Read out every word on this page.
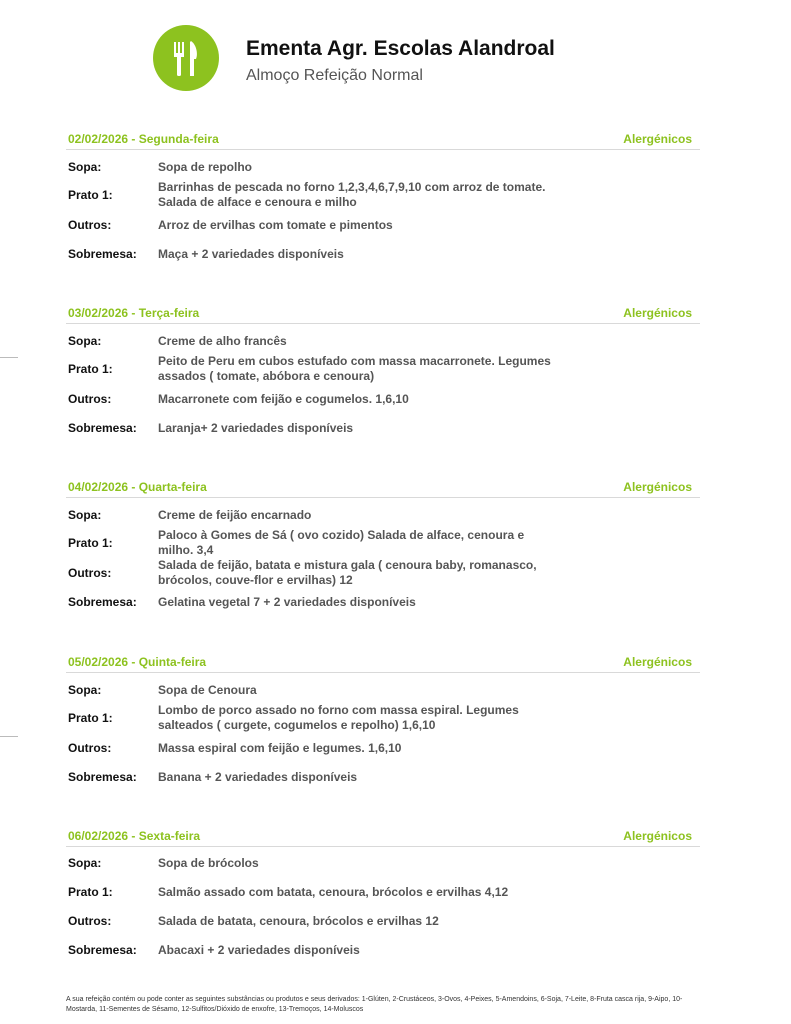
Ementa Agr. Escolas Alandroal
Almoço Refeição Normal
02/02/2026 - Segunda-feira	Alergénicos
Sopa:	Sopa de repolho
Prato 1:
Barrinhas de pescada no forno 1,2,3,4,6,7,9,10 com arroz de tomate. Salada de alface e cenoura e milho
Outros:	Arroz de ervilhas com tomate e pimentos
Sobremesa: Maça + 2 variedades disponíveis
03/02/2026 - Terça-feira	Alergénicos
Sopa:	Creme de alho francês
Prato 1:
Peito de Peru em cubos estufado com massa macarronete. Legumes assados ( tomate, abóbora e cenoura)
Outros:	Macarronete com feijão e cogumelos. 1,6,10
Sobremesa: Laranja+ 2 variedades disponíveis
04/02/2026 - Quarta-feira	Alergénicos
Sopa:	Creme de feijão encarnado
Prato 1:
Paloco à Gomes de Sá ( ovo cozido) Salada de alface, cenoura e milho. 3,4
Outros:
Salada de feijão, batata e mistura gala ( cenoura baby, romanasco, brócolos, couve-flor e ervilhas) 12
Sobremesa: Gelatina vegetal 7 + 2 variedades disponíveis
05/02/2026 - Quinta-feira	Alergénicos
Sopa:	Sopa de Cenoura
Prato 1:
Lombo de porco assado no forno com massa espiral. Legumes salteados ( curgete, cogumelos e repolho) 1,6,10
Outros:	Massa espiral com feijão e legumes. 1,6,10
Sobremesa: Banana + 2 variedades disponíveis
06/02/2026 - Sexta-feira	Alergénicos
Sopa:	Sopa de brócolos
Prato 1:	Salmão assado com batata, cenoura, brócolos e ervilhas 4,12
Outros:	Salada de batata, cenoura, brócolos e ervilhas 12
Sobremesa: Abacaxi + 2 variedades disponíveis
A sua refeição contém ou pode conter as seguintes substâncias ou produtos e seus derivados: 1-Glúten, 2-Crustáceos, 3-Ovos, 4-Peixes, 5-Amendoins, 6-Soja, 7-Leite, 8-Fruta casca rija, 9-Aipo, 10-Mostarda, 11-Sementes de Sésamo, 12-Sulfitos/Dióxido de enxofre, 13-Tremoços, 14-Moluscos
